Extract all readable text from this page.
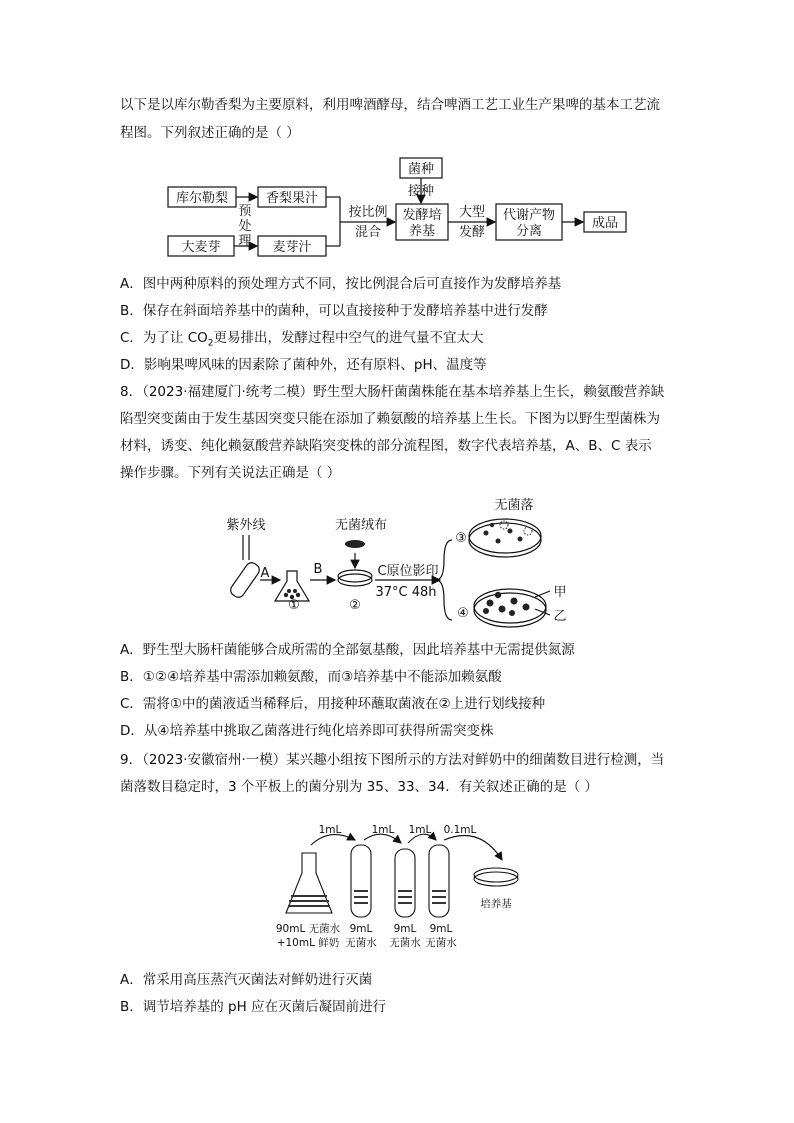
以下是以库尔勒香梨为主要原料，利用啤酒酵母，结合啤酒工艺工业生产果啤的基本工艺流
程图。下列叙述正确的是（ ）
库尔勒梨	香梨果汁
大麦芽	麦芽汁
预
处
理
按比例
混合
菌种
接种
发酵培
养基
大型
发酵
代谢产物
分离
成品
A．图中两种原料的预处理方式不同，按比例混合后可直接作为发酵培养基
B．保存在斜面培养基中的菌种，可以直接接种于发酵培养基中进行发酵
C．为了让 $CO_2$更易排出，发酵过程中空气的进气量不宜太大
D．影响果啤风味的因素除了菌种外，还有原料、pH、温度等
8．（2023·福建厦门·统考二模）野生型大肠杆菌菌株能在基本培养基上生长，赖氨酸营养缺
陷型突变菌由于发生基因突变只能在添加了赖氨酸的培养基上生长。下图为以野生型菌株为
材料，诱变、纯化赖氨酸营养缺陷突变株的部分流程图，数字代表培养基，A、B、C 表示
操作步骤。下列有关说法正确是（ ）
紫外线	无菌绒布
无菌落
A	B	C原位影印
37°C 48h
①	②
③
④
甲
乙
A．野生型大肠杆菌能够合成所需的全部氨基酸，因此培养基中无需提供氮源
B．①②④培养基中需添加赖氨酸，而③培养基中不能添加赖氨酸
C．需将①中的菌液适当稀释后，用接种环蘸取菌液在②上进行划线接种
D．从④培养基中挑取乙菌落进行纯化培养即可获得所需突变株
9．（2023·安徽宿州·一模）某兴趣小组按下图所示的方法对鲜奶中的细菌数目进行检测，当
菌落数目稳定时，3 个平板上的菌分别为 35、33、34．有关叙述正确的是（ ）
1mL	1mL 1mL 0.1mL
90mL 无菌水
+10mL 鲜奶
9mL
无菌水
9mL
无菌水
9mL
无菌水
培养基
A．常采用高压蒸汽灭菌法对鲜奶进行灭菌
B．调节培养基的 pH 应在灭菌后凝固前进行
